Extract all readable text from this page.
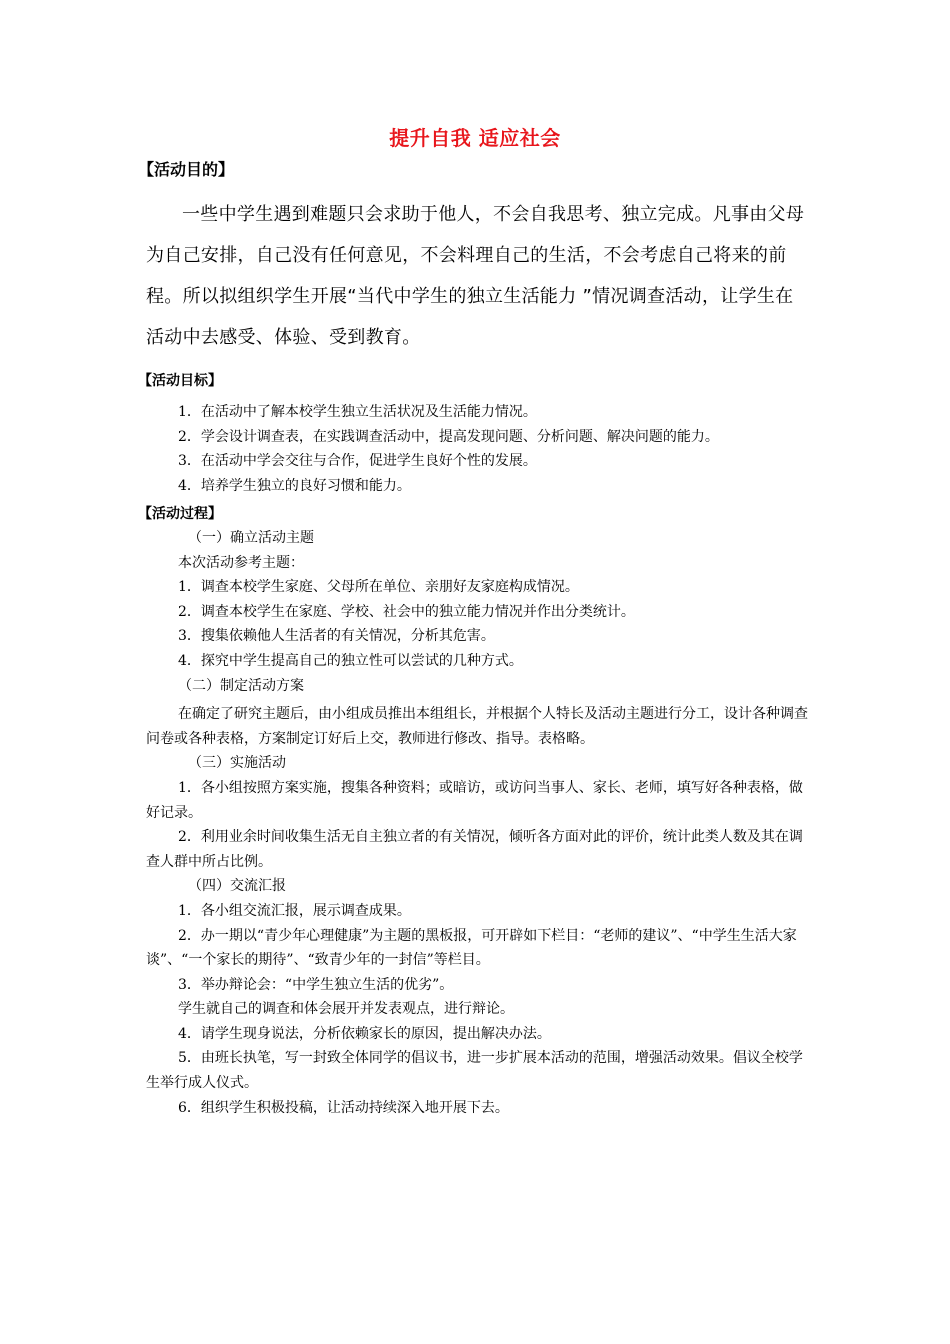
提升自我 适应社会
【活动目的】

一些中学生遇到难题只会求助于他人，不会自我思考、独立完成。凡事由父母为自己安排，自己没有任何意见，不会料理自己的生活，不会考虑自己将来的前程。所以拟组织学生开展“当代中学生的独立生活能力 ”情况调查活动，让学生在活动中去感受、体验、受到教育。

【活动目标】

1．在活动中了解本校学生独立生活状况及生活能力情况。

2．学会设计调查表，在实践调查活动中，提高发现问题、分析问题、解决问题的能力。

3．在活动中学会交往与合作，促进学生良好个性的发展。

4．培养学生独立的良好习惯和能力。

【活动过程】

（一）确立活动主题

本次活动参考主题：

1．调查本校学生家庭、父母所在单位、亲朋好友家庭构成情况。

2．调查本校学生在家庭、学校、社会中的独立能力情况并作出分类统计。

3．搜集依赖他人生活者的有关情况，分析其危害。

4．探究中学生提高自己的独立性可以尝试的几种方式。

（二）制定活动方案

在确定了研究主题后，由小组成员推出本组组长，并根据个人特长及活动主题进行分工，设计各种调查问卷或各种表格，方案制定订好后上交，教师进行修改、指导。表格略。

（三）实施活动

1．各小组按照方案实施，搜集各种资料；或暗访，或访问当事人、家长、老师，填写好各种表格，做好记录。

2．利用业余时间收集生活无自主独立者的有关情况，倾听各方面对此的评价，统计此类人数及其在调查人群中所占比例。

（四）交流汇报

1．各小组交流汇报，展示调查成果。

2．办一期以“青少年心理健康”为主题的黑板报，可开辟如下栏目：“老师的建议”、“中学生生活大家谈”、“一个家长的期待”、“致青少年的一封信”等栏目。

3．举办辩论会：“中学生独立生活的优劣”。

学生就自己的调查和体会展开并发表观点，进行辩论。

4．请学生现身说法，分析依赖家长的原因，提出解决办法。

5．由班长执笔，写一封致全体同学的倡议书，进一步扩展本活动的范围，增强活动效果。倡议全校学生举行成人仪式。

6．组织学生积极投稿，让活动持续深入地开展下去。
